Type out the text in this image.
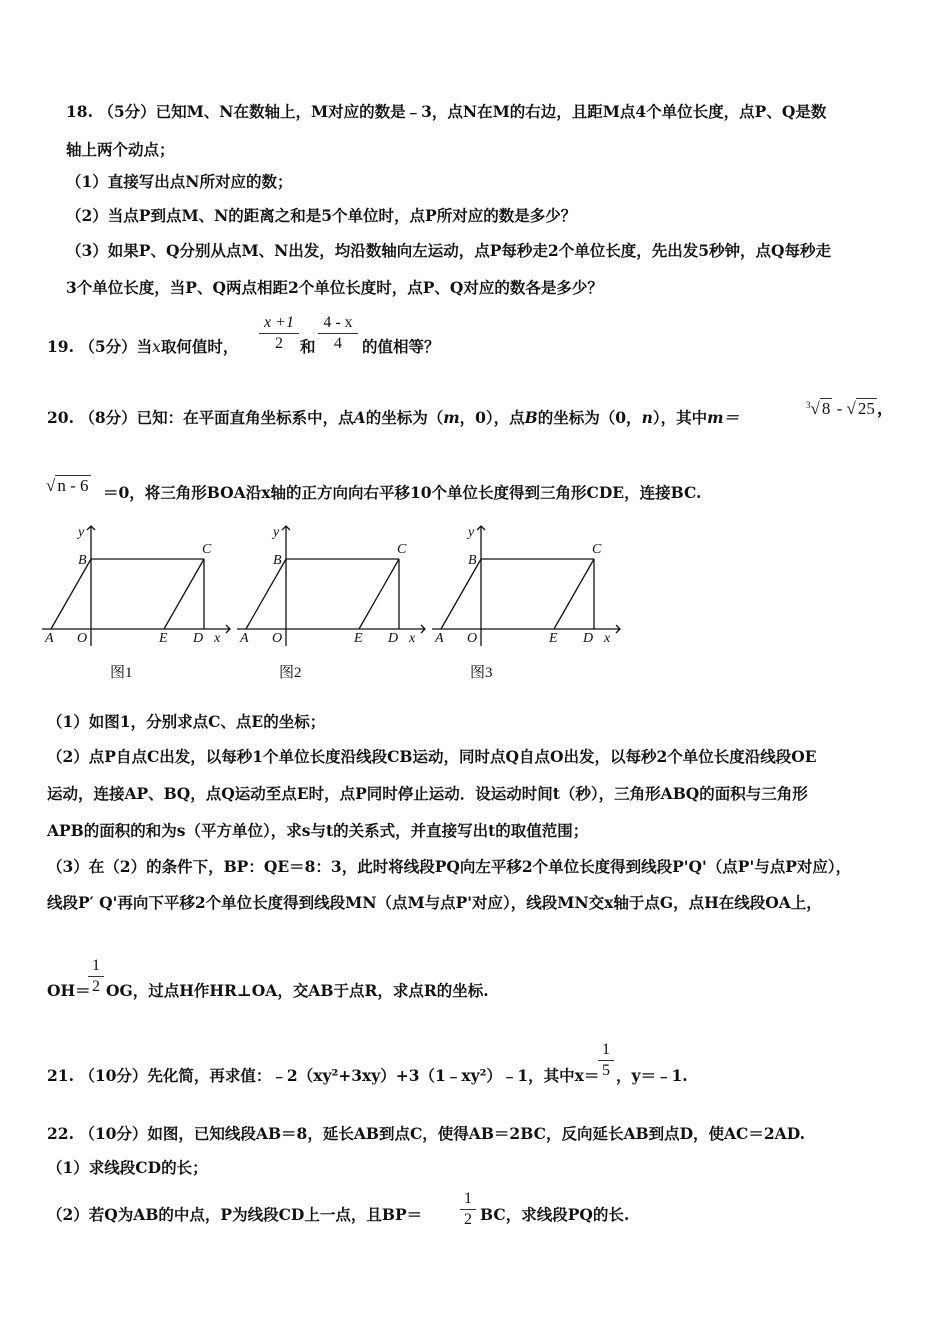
18. （5分）已知M、N在数轴上，M对应的数是﹣3，点N在M的右边，且距M点4个单位长度，点P、Q是数
轴上两个动点；
（1）直接写出点N所对应的数；
（2）当点P到点M、N的距离之和是5个单位时，点P所对应的数是多少？
（3）如果P、Q分别从点M、N出发，均沿数轴向左运动，点P每秒走2个单位长度，先出发5秒钟，点Q每秒走
3个单位长度，当P、Q两点相距2个单位长度时，点P、Q对应的数各是多少？
19. （5分）当x取何值时，
x +1
2	和
4 - x
4	的值相等？
20. （8分）已知：在平面直角坐标系中，点A的坐标为（m，0），点B的坐标为（0，n），其中m＝
$^3$√ 8 - √ 25 ，
√ n - 6 ＝0，将三角形BOA沿x轴的正方向向右平移10个单位长度得到三角形CDE，连接BC.
y
B
C
A O	E D x
y
B
C
A O	E D x
y
B
C
A O	E D x
图1	图2	图3
（1）如图1，分别求点C、点E的坐标；
（2）点P自点C出发，以每秒1个单位长度沿线段CB运动，同时点Q自点O出发，以每秒2个单位长度沿线段OE
运动，连接AP、BQ，点Q运动至点E时，点P同时停止运动．设运动时间t（秒），三角形ABQ的面积与三角形
APB的面积的和为s（平方单位），求s与t的关系式，并直接写出t的取值范围；
（3）在（2）的条件下，BP：QE＝8：3，此时将线段PQ向左平移2个单位长度得到线段P'Q'（点P'与点P对应），
线段P′ Q'再向下平移2个单位长度得到线段MN（点M与点P'对应），线段MN交x轴于点G，点H在线段OA上，
OH＝
1
2 OG，过点H作HR⊥OA，交AB于点R，求点R的坐标.
21. （10分）先化简，再求值：﹣2（xy²+3xy）+3（1﹣xy²）﹣1，其中x＝
1
5 ，y＝﹣1.
22. （10分）如图，已知线段AB＝8，延长AB到点C，使得AB＝2BC，反向延长AB到点D，使AC＝2AD.
（1）求线段CD的长；
（2）若Q为AB的中点，P为线段CD上一点，且BP＝
1
2 BC，求线段PQ的长.
